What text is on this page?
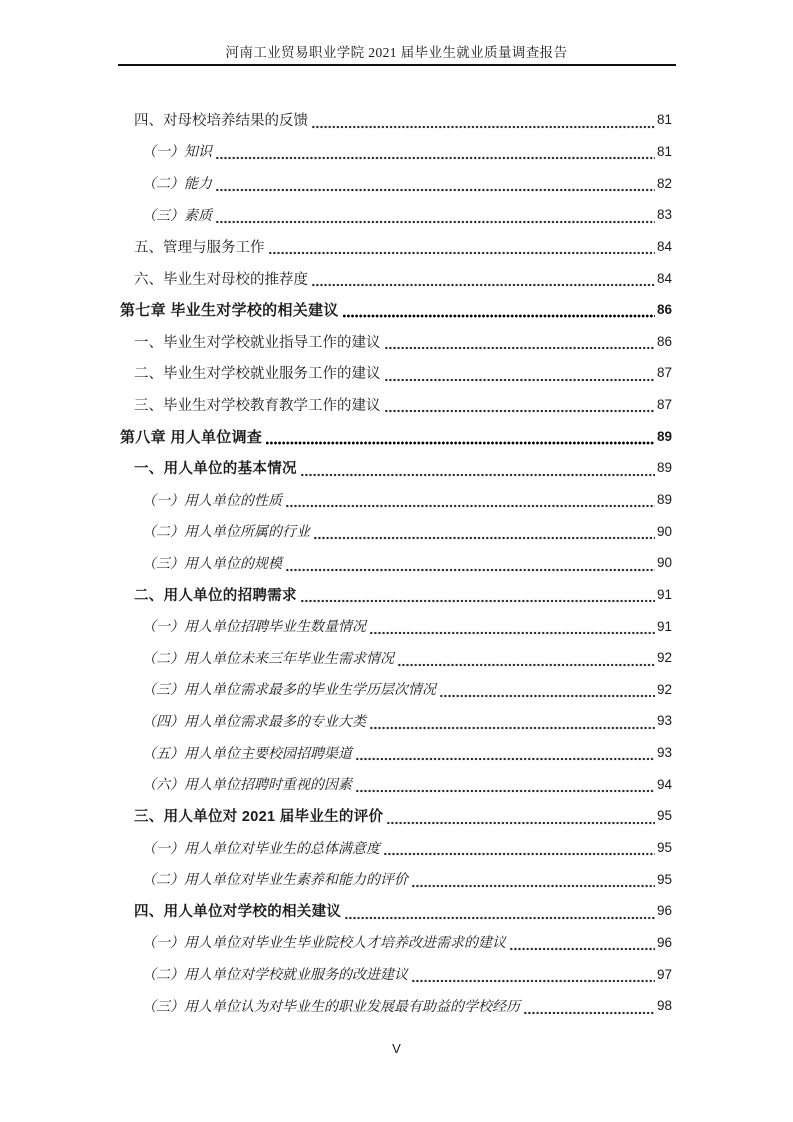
河南工业贸易职业学院 2021 届毕业生就业质量调查报告
四、对母校培养结果的反馈	81
（一）知识	81
（二）能力	82
（三）素质	83
五、管理与服务工作	84
六、毕业生对母校的推荐度	84
第七章 毕业生对学校的相关建议	86
一、毕业生对学校就业指导工作的建议	86
二、毕业生对学校就业服务工作的建议	87
三、毕业生对学校教育教学工作的建议	87
第八章 用人单位调查	89
一、用人单位的基本情况	89
（一）用人单位的性质	89
（二）用人单位所属的行业	90
（三）用人单位的规模	90
二、用人单位的招聘需求	91
（一）用人单位招聘毕业生数量情况	91
（二）用人单位未来三年毕业生需求情况	92
（三）用人单位需求最多的毕业生学历层次情况	92
（四）用人单位需求最多的专业大类	93
（五）用人单位主要校园招聘渠道	93
（六）用人单位招聘时重视的因素	94
三、用人单位对 2021 届毕业生的评价	95
（一）用人单位对毕业生的总体满意度	95
（二）用人单位对毕业生素养和能力的评价	95
四、用人单位对学校的相关建议	96
（一）用人单位对毕业生毕业院校人才培养改进需求的建议	96
（二）用人单位对学校就业服务的改进建议	97
（三）用人单位认为对毕业生的职业发展最有助益的学校经历	98
V
